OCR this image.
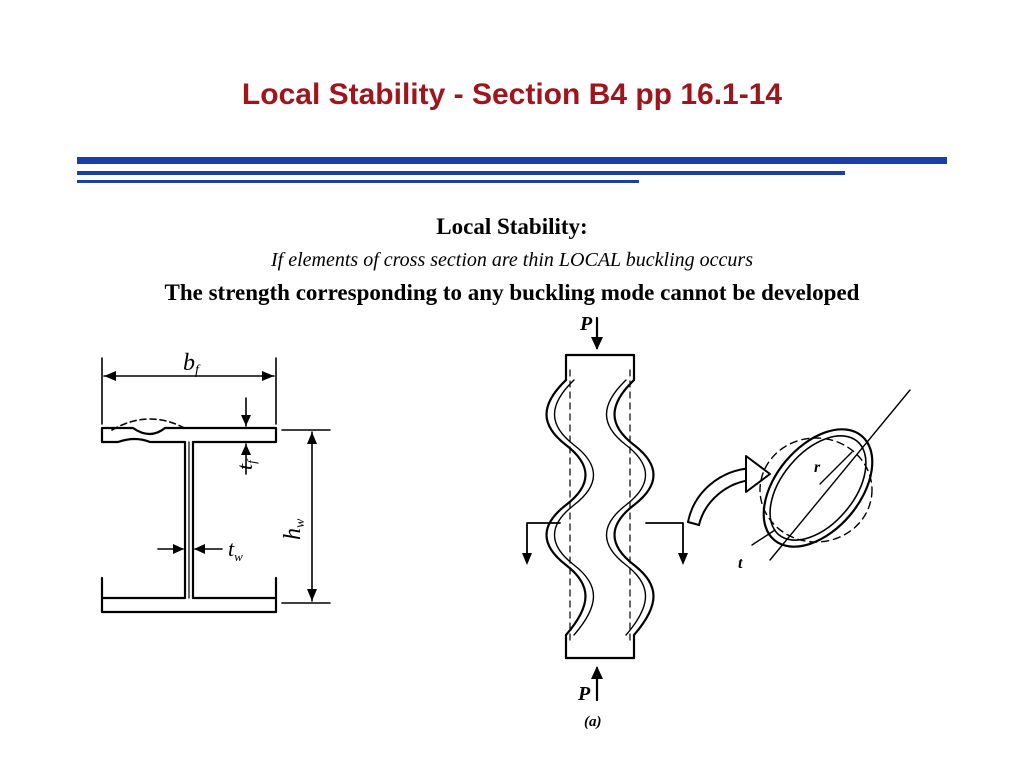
Local Stability - Section B4 pp 16.1-14
Local Stability:
If elements of cross section are thin LOCAL buckling occurs
The strength corresponding to any buckling mode cannot be developed
bf
tf
hw
$t_w$
P
P
(a)
r
t
